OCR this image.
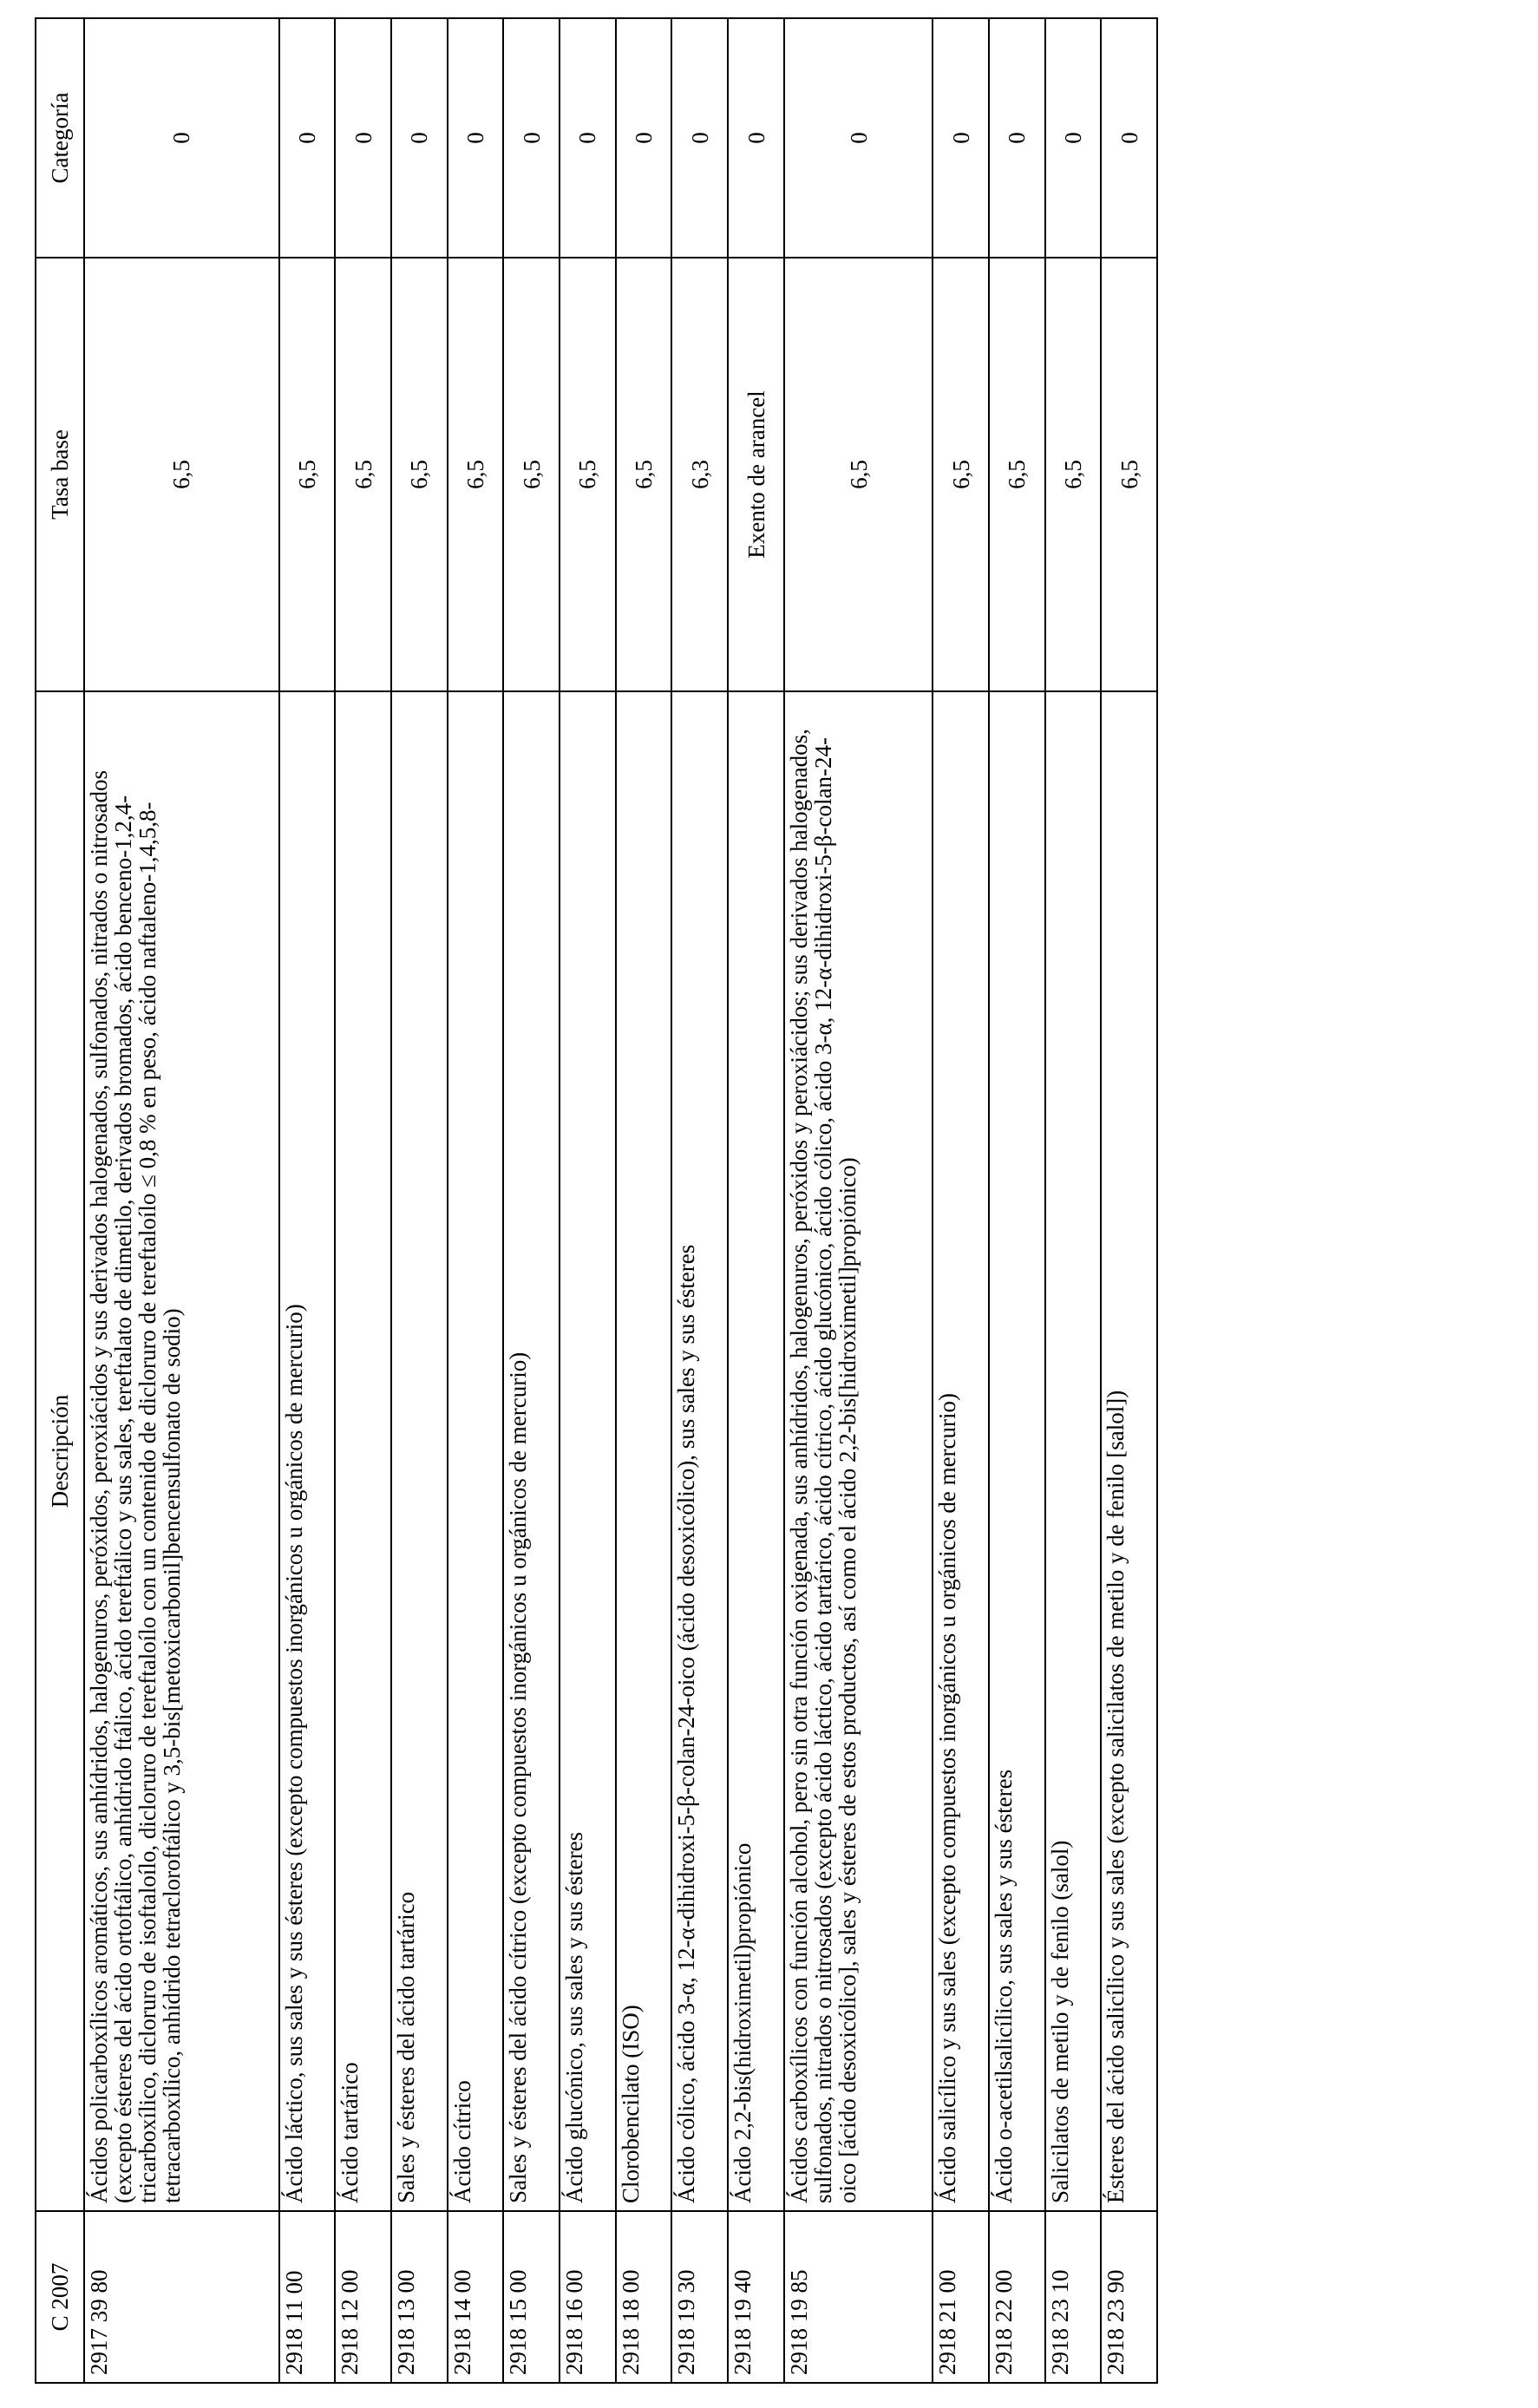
C 2007	Descripción	Tasa base	Categoría
2917 39 80	Ácidos policarboxílicos aromáticos, sus anhídridos, halogenuros, peróxidos, peroxiácidos y sus derivados halogenados, sulfonados, nitrados o nitrosados (excepto ésteres del ácido ortoftálico, anhídrido ftálico, ácido tereftálico y sus sales, tereftalato de dimetilo, derivados bromados, ácido benceno-1,2,4-tricarboxílico, dicloruro de isoftaloílo, dicloruro de tereftaloílo con un contenido de dicloruro de tereftaloílo ≤ 0,8 % en peso, ácido naftaleno-1,4,5,8-tetracarboxílico, anhídrido tetracloroftálico y 3,5-bis[metoxicarbonil]bencensulfonato de sodio)	6,5	0
2918 11 00	Ácido láctico, sus sales y sus ésteres (excepto compuestos inorgánicos u orgánicos de mercurio)	6,5	0
2918 12 00	Ácido tartárico	6,5	0
2918 13 00	Sales y ésteres del ácido tartárico	6,5	0
2918 14 00	Ácido cítrico	6,5	0
2918 15 00	Sales y ésteres del ácido cítrico (excepto compuestos inorgánicos u orgánicos de mercurio)	6,5	0
2918 16 00	Ácido glucónico, sus sales y sus ésteres	6,5	0
2918 18 00	Clorobencilato (ISO)	6,5	0
2918 19 30	Ácido cólico, ácido 3-α, 12-α-dihidroxi-5-β-colan-24-oico (ácido desoxicólico), sus sales y sus ésteres	6,3	0
2918 19 40	Ácido 2,2-bis(hidroximetil)propiónico	Exento de arancel	0
2918 19 85	Ácidos carboxílicos con función alcohol, pero sin otra función oxigenada, sus anhídridos, halogenuros, peróxidos y peroxiácidos; sus derivados halogenados, sulfonados, nitrados o nitrosados (excepto ácido láctico, ácido tartárico, ácido cítrico, ácido glucónico, ácido cólico, ácido 3-α, 12-α-dihidroxi-5-β-colan-24-oico [ácido desoxicólico], sales y ésteres de estos productos, así como el ácido 2,2-bis[hidroximetil]propiónico)	6,5	0
2918 21 00	Ácido salicílico y sus sales (excepto compuestos inorgánicos u orgánicos de mercurio)	6,5	0
2918 22 00	Ácido o-acetilsalicílico, sus sales y sus ésteres	6,5	0
2918 23 10	Salicilatos de metilo y de fenilo (salol)	6,5	0
2918 23 90	Ésteres del ácido salicílico y sus sales (excepto salicilatos de metilo y de fenilo [salol])	6,5	0
